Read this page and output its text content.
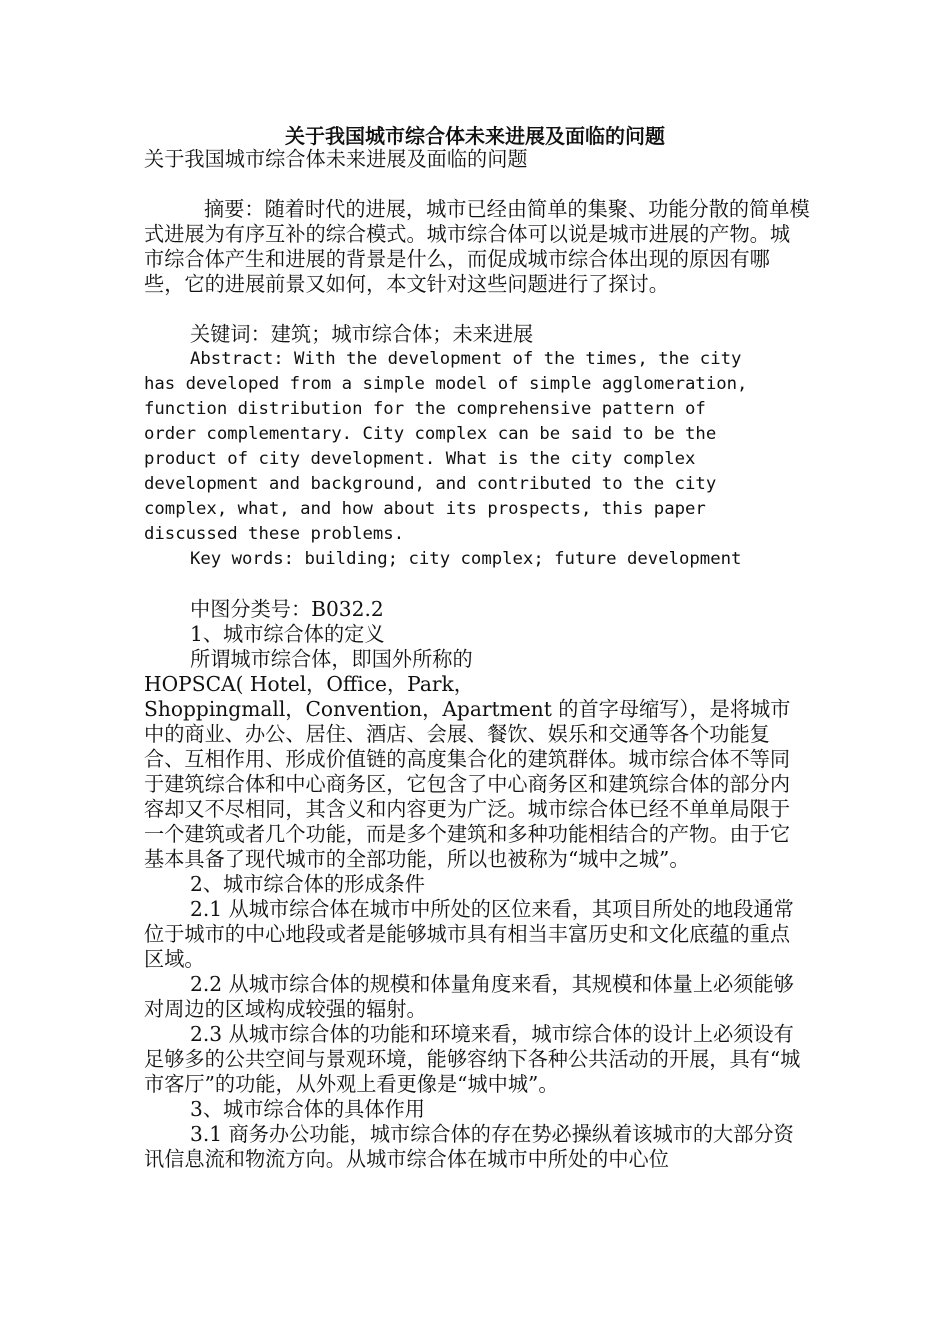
关于我国城市综合体未来进展及面临的问题

关于我国城市综合体未来进展及面临的问题

摘要：随着时代的进展，城市已经由简单的集聚、功能分散的简单模式进展为有序互补的综合模式。城市综合体可以说是城市进展的产物。城市综合体产生和进展的背景是什么，而促成城市综合体出现的原因有哪些，它的进展前景又如何，本文针对这些问题进行了探讨。

关键词：建筑；城市综合体；未来进展

Abstract: With the development of the times, the city

has developed from a simple model of simple agglomeration,

function distribution for the comprehensive pattern of

order complementary. City complex can be said to be the

product of city development. What is the city complex

development and background, and contributed to the city

complex, what, and how about its prospects, this paper

discussed these problems.

Key words: building; city complex; future development

中图分类号：B032.2

1、城市综合体的定义

所谓城市综合体，即国外所称的

HOPSCA( Hotel，Office，Park，

Shoppingmall，Convention，Apartment 的首字母缩写），是将城市中的商业、办公、居住、酒店、会展、餐饮、娱乐和交通等各个功能复合、互相作用、形成价值链的高度集合化的建筑群体。城市综合体不等同于建筑综合体和中心商务区，它包含了中心商务区和建筑综合体的部分内容却又不尽相同，其含义和内容更为广泛。城市综合体已经不单单局限于一个建筑或者几个功能，而是多个建筑和多种功能相结合的产物。由于它基本具备了现代城市的全部功能，所以也被称为“城中之城”。

2、城市综合体的形成条件

2.1 从城市综合体在城市中所处的区位来看，其项目所处的地段通常位于城市的中心地段或者是能够城市具有相当丰富历史和文化底蕴的重点区域。

2.2 从城市综合体的规模和体量角度来看，其规模和体量上必须能够对周边的区域构成较强的辐射。

2.3 从城市综合体的功能和环境来看，城市综合体的设计上必须设有足够多的公共空间与景观环境，能够容纳下各种公共活动的开展，具有“城市客厅”的功能，从外观上看更像是“城中城”。

3、城市综合体的具体作用

3.1 商务办公功能，城市综合体的存在势必操纵着该城市的大部分资讯信息流和物流方向。从城市综合体在城市中所处的中心位
